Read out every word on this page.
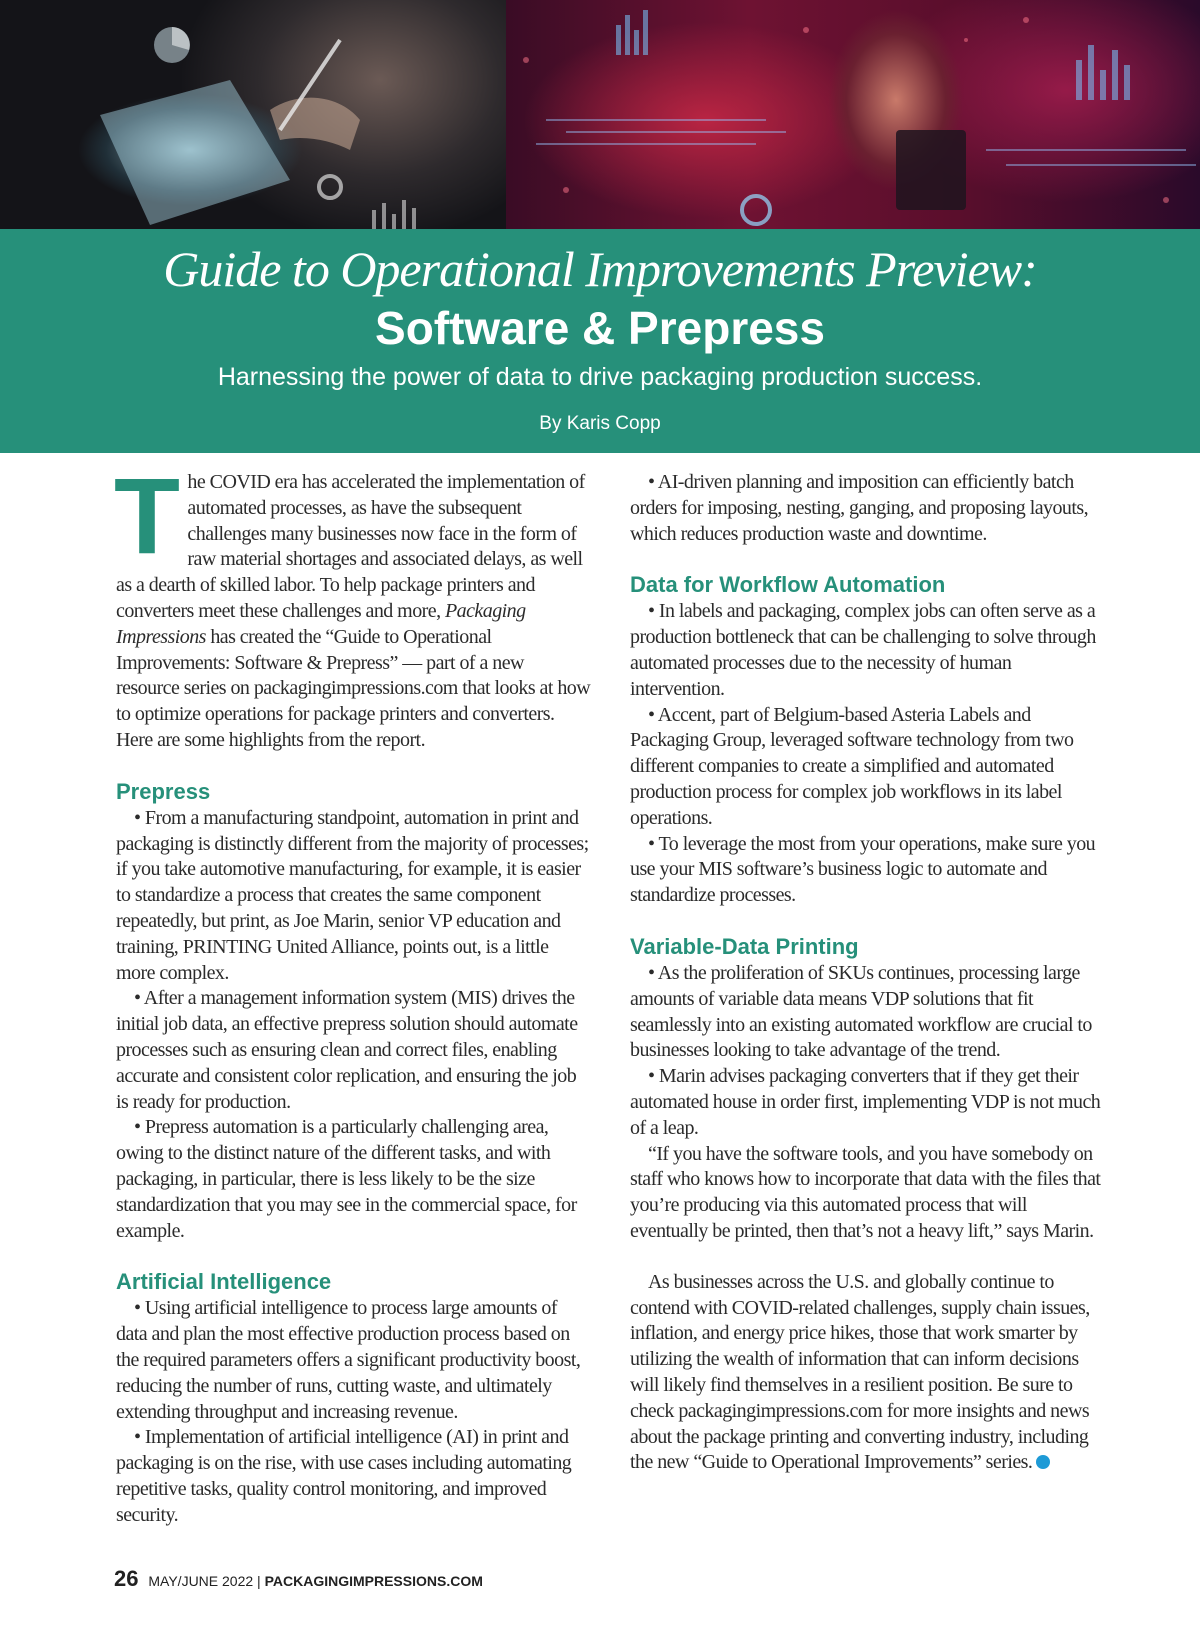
Guide to Operational Improvements Preview:
Software & Prepress
Harnessing the power of data to drive packaging production success.
By Karis Copp

The COVID era has accelerated the implementation of automated processes, as have the subsequent challenges many businesses now face in the form of raw material shortages and associated delays, as well as a dearth of skilled labor. To help package printers and converters meet these challenges and more, Packaging Impressions has created the “Guide to Operational Improvements: Software & Prepress” — part of a new resource series on packagingimpressions.com that looks at how to optimize operations for package printers and converters. Here are some highlights from the report.

Prepress

• From a manufacturing standpoint, automation in print and packaging is distinctly different from the majority of processes; if you take automotive manufacturing, for example, it is easier to standardize a process that creates the same component repeatedly, but print, as Joe Marin, senior VP education and training, PRINTING United Alliance, points out, is a little more complex.

• After a management information system (MIS) drives the initial job data, an effective prepress solution should automate processes such as ensuring clean and correct files, enabling accurate and consistent color replication, and ensuring the job is ready for production.

• Prepress automation is a particularly challenging area, owing to the distinct nature of the different tasks, and with packaging, in particular, there is less likely to be the size standardization that you may see in the commercial space, for example.

Artificial Intelligence

• Using artificial intelligence to process large amounts of data and plan the most effective production process based on the required parameters offers a significant productivity boost, reducing the number of runs, cutting waste, and ultimately extending throughput and increasing revenue.

• Implementation of artificial intelligence (AI) in print and packaging is on the rise, with use cases including automating repetitive tasks, quality control monitoring, and improved security.

• AI-driven planning and imposition can efficiently batch orders for imposing, nesting, ganging, and proposing layouts, which reduces production waste and downtime.

Data for Workflow Automation

• In labels and packaging, complex jobs can often serve as a production bottleneck that can be challenging to solve through automated processes due to the necessity of human intervention.

• Accent, part of Belgium-based Asteria Labels and Packaging Group, leveraged software technology from two different companies to create a simplified and automated production process for complex job workflows in its label operations.

• To leverage the most from your operations, make sure you use your MIS software’s business logic to automate and standardize processes.

Variable-Data Printing

• As the proliferation of SKUs continues, processing large amounts of variable data means VDP solutions that fit seamlessly into an existing automated workflow are crucial to businesses looking to take advantage of the trend.

• Marin advises packaging converters that if they get their automated house in order first, implementing VDP is not much of a leap.

“If you have the software tools, and you have somebody on staff who knows how to incorporate that data with the files that you’re producing via this automated process that will eventually be printed, then that’s not a heavy lift,” says Marin.

As businesses across the U.S. and globally continue to contend with COVID-related challenges, supply chain issues, inflation, and energy price hikes, those that work smarter by utilizing the wealth of information that can inform decisions will likely find themselves in a resilient position. Be sure to check packagingimpressions.com for more insights and news about the package printing and converting industry, including the new “Guide to Operational Improvements” series.

26 MAY/JUNE 2022 | PACKAGINGIMPRESSIONS.COM
